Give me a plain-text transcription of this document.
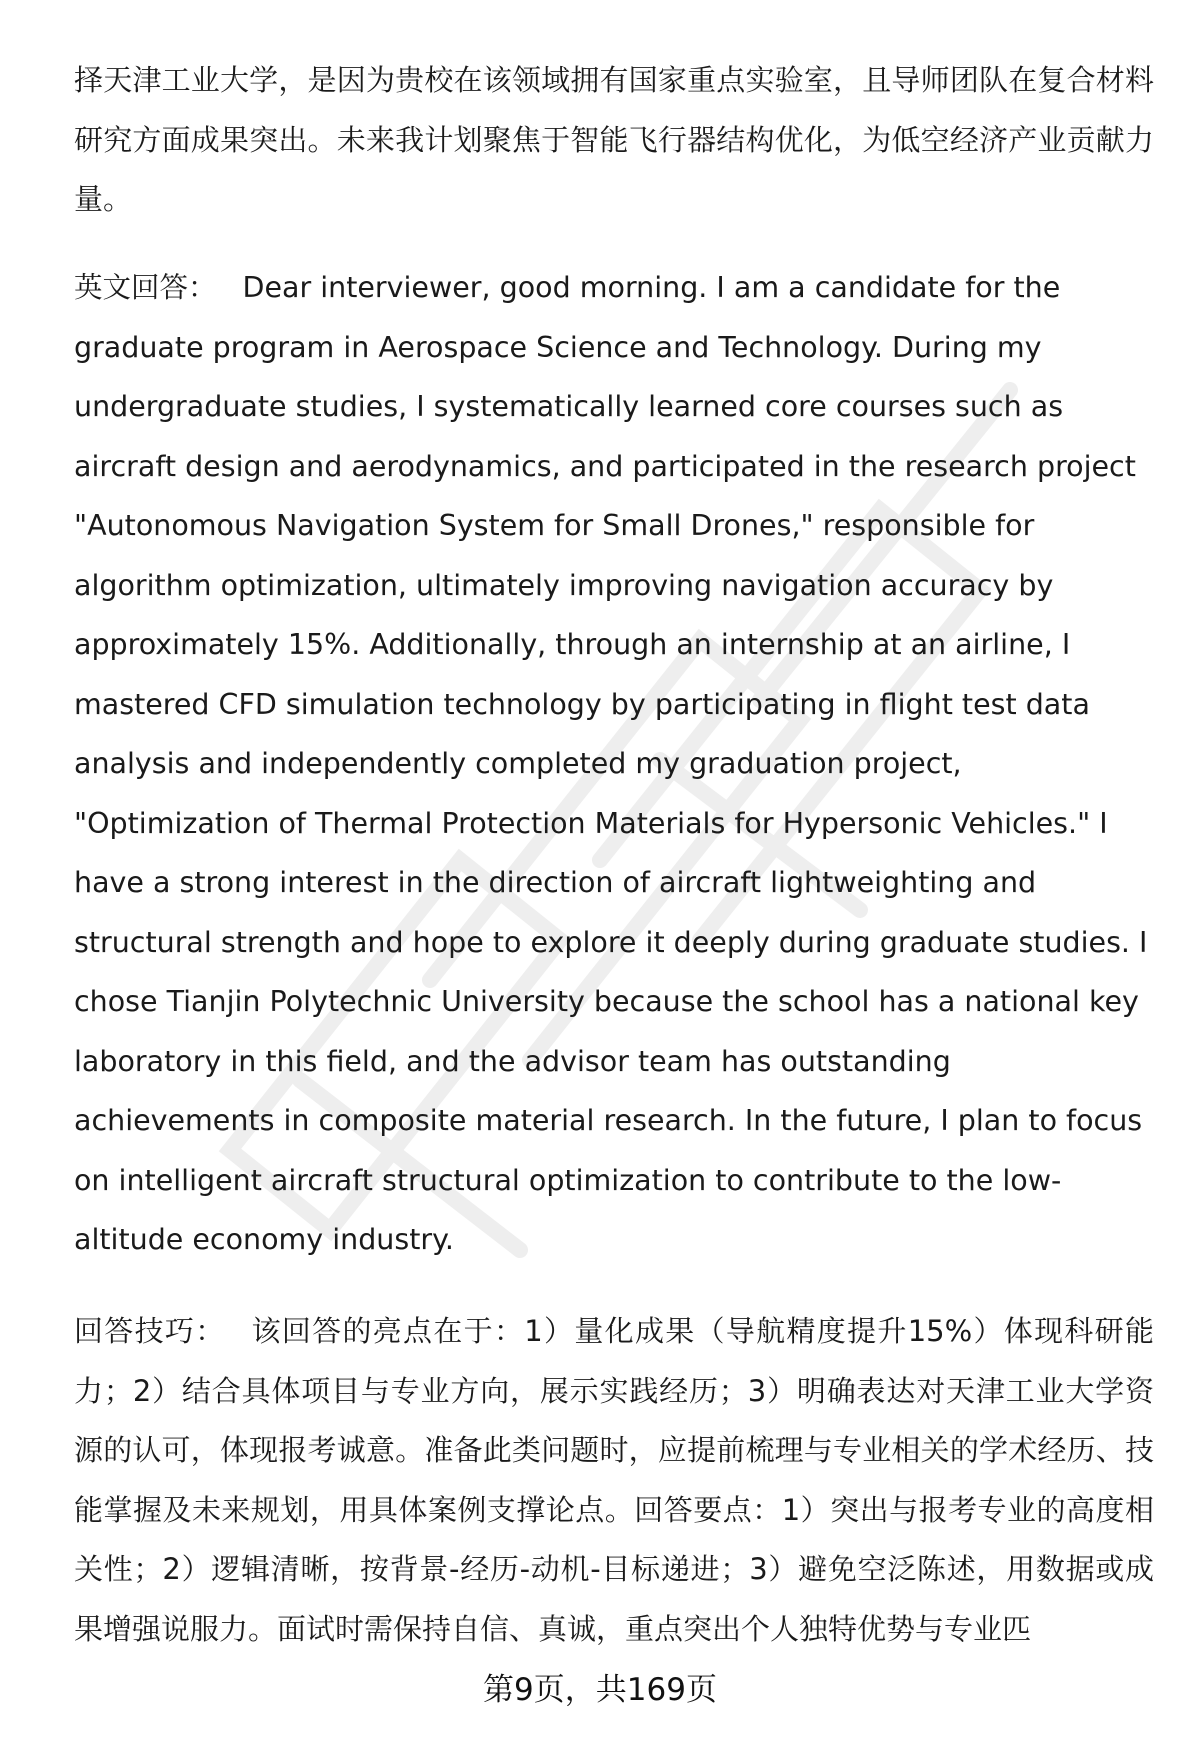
择天津工业大学，是因为贵校在该领域拥有国家重点实验室，且导师团队在复合材料研究方面成果突出。未来我计划聚焦于智能飞行器结构优化，为低空经济产业贡献力量。
英文回答： Dear interviewer, good morning. I am a candidate for the graduate program in Aerospace Science and Technology. During my undergraduate studies, I systematically learned core courses such as aircraft design and aerodynamics, and participated in the research project "Autonomous Navigation System for Small Drones," responsible for algorithm optimization, ultimately improving navigation accuracy by approximately 15%. Additionally, through an internship at an airline, I mastered CFD simulation technology by participating in flight test data analysis and independently completed my graduation project, "Optimization of Thermal Protection Materials for Hypersonic Vehicles." I have a strong interest in the direction of aircraft lightweighting and structural strength and hope to explore it deeply during graduate studies. I chose Tianjin Polytechnic University because the school has a national key laboratory in this field, and the advisor team has outstanding achievements in composite material research. In the future, I plan to focus on intelligent aircraft structural optimization to contribute to the low-altitude economy industry.
回答技巧： 该回答的亮点在于：1）量化成果（导航精度提升15%）体现科研能力；2）结合具体项目与专业方向，展示实践经历；3）明确表达对天津工业大学资源的认可，体现报考诚意。准备此类问题时，应提前梳理与专业相关的学术经历、技能掌握及未来规划，用具体案例支撑论点。回答要点：1）突出与报考专业的高度相关性；2）逻辑清晰，按背景-经历-动机-目标递进；3）避免空泛陈述，用数据或成果增强说服力。面试时需保持自信、真诚，重点突出个人独特优势与专业匹
第9页，共169页
